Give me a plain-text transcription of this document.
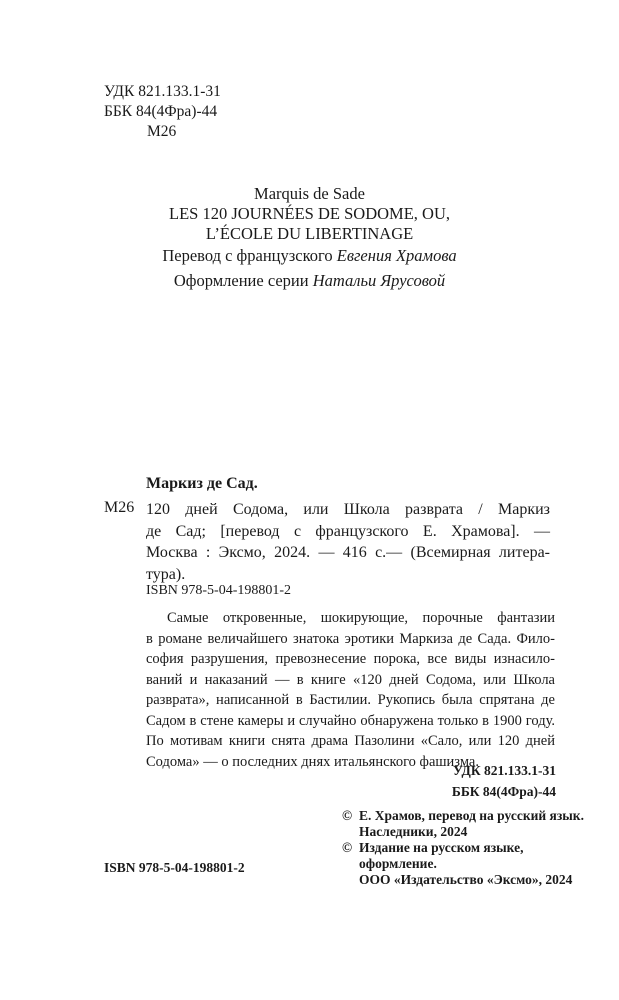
УДК 821.133.1-31
ББК 84(4Фра)-44
М26
Marquis de Sade
LES 120 JOURNÉES DE SODOME, OU,
L’ÉCOLE DU LIBERTINAGE
Перевод с французского Евгения Храмова
Оформление серии Натальи Ярусовой
Маркиз де Сад.
М26 120 дней Содома, или Школа разврата / Маркиз
де Сад; [перевод с французского Е. Храмова]. —
Москва : Эксмо, 2024. — 416 с.— (Всемирная литера-
тура).
ISBN 978-5-04-198801-2
Самые откровенные, шокирующие, порочные фантазии
в романе величайшего знатока эротики Маркиза де Сада. Фило-
софия разрушения, превознесение порока, все виды изнасило-
ваний и наказаний — в книге «120 дней Содома, или Школа
разврата», написанной в Бастилии. Рукопись была спрятана де
Садом в стене камеры и случайно обнаружена только в 1900 году.
По мотивам книги снята драма Пазолини «Сало, или 120 дней
Содома» — о последних днях итальянского фашизма.
УДК 821.133.1-31
ББК 84(4Фра)-44
© Е. Храмов, перевод на русский язык.
Наследники, 2024
© Издание на русском языке,
оформление.
ООО «Издательство «Эксмо», 2024
ISBN 978-5-04-198801-2
